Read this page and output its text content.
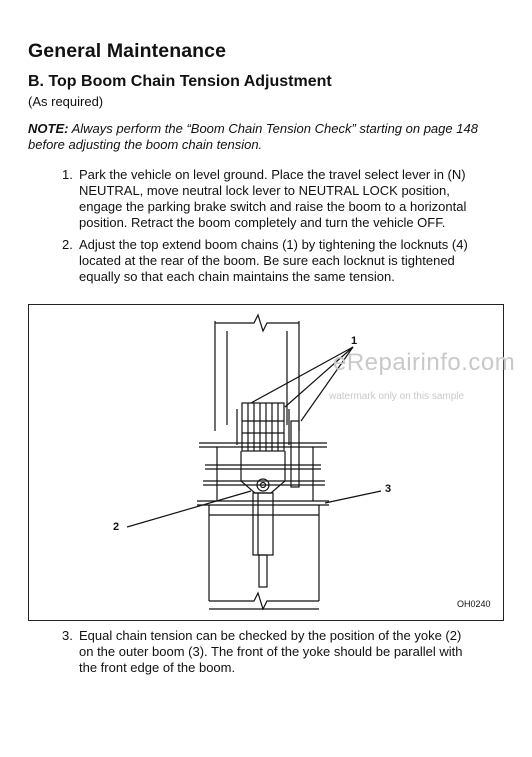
General Maintenance
B. Top Boom Chain Tension Adjustment
(As required)
NOTE: Always perform the “Boom Chain Tension Check” starting on page 148 before adjusting the boom chain tension.
1. Park the vehicle on level ground. Place the travel select lever in (N)
NEUTRAL, move neutral lock lever to NEUTRAL LOCK position,
engage the parking brake switch and raise the boom to a horizontal
position. Retract the boom completely and turn the vehicle OFF.
2. Adjust the top extend boom chains (1) by tightening the locknuts (4)
located at the rear of the boom. Be sure each locknut is tightened
equally so that each chain maintains the same tension.
1
2
3
eRepairinfo.com
watermark only on this sample
OH0240
3. Equal chain tension can be checked by the position of the yoke (2)
on the outer boom (3). The front of the yoke should be parallel with
the front edge of the boom.
